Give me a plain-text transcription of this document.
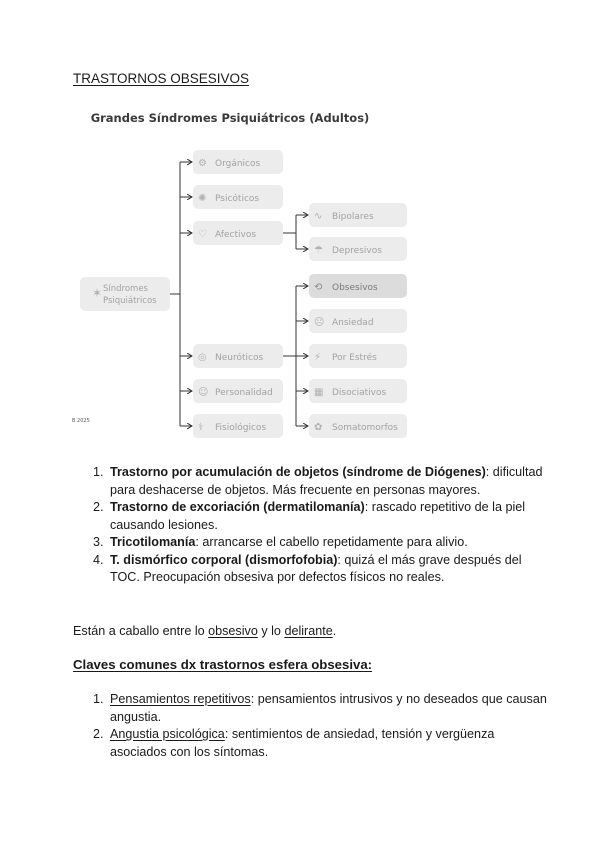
TRASTORNOS OBSESIVOS
Grandes Síndromes Psiquiátricos (Adultos)
✶ Síndromes
Psiquiátricos
⚙ Orgánicos
✺ Psicóticos
♡ Afectivos
◎ Neuróticos
☺ Personalidad
⚕ Fisiológicos
∿ Bipolares
☂ Depresivos
⟲ Obsesivos
☹ Ansiedad
⚡ Por Estrés
▦ Disociativos
✿ Somatomorfos
B 2025
1. Trastorno por acumulación de objetos (síndrome de Diógenes): dificultad para deshacerse de objetos. Más frecuente en personas mayores.
2. Trastorno de excoriación (dermatilomanía): rascado repetitivo de la piel causando lesiones.
3. Tricotilomanía: arrancarse el cabello repetidamente para alivio.
4. T. dismórfico corporal (dismorfofobia): quizá el más grave después del TOC. Preocupación obsesiva por defectos físicos no reales.
Están a caballo entre lo obsesivo y lo delirante.
Claves comunes dx trastornos esfera obsesiva:
1. Pensamientos repetitivos: pensamientos intrusivos y no deseados que causan angustia.
2. Angustia psicológica: sentimientos de ansiedad, tensión y vergüenza asociados con los síntomas.
